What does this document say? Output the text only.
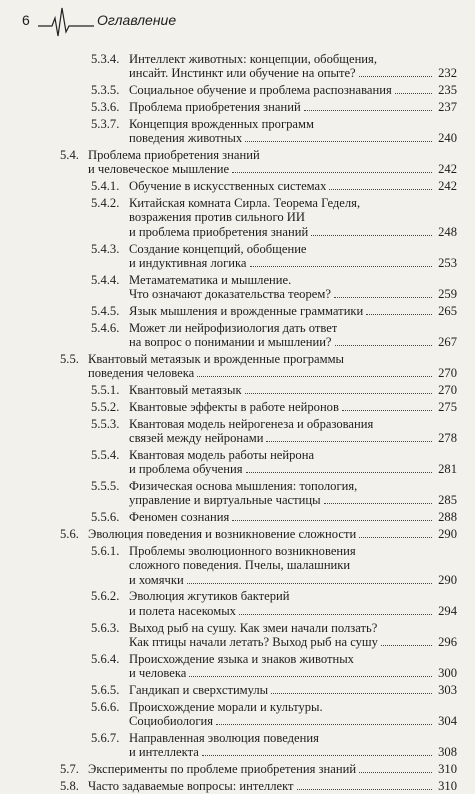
6	Оглавление
5.3.4. Интеллект животных: концепции, обобщения,
инсайт. Инстинкт или обучение на опыте?	232
5.3.5. Социальное обучение и проблема распознавания	235
5.3.6. Проблема приобретения знаний	237
5.3.7. Концепция врожденных программ
поведения животных	240
5.4. Проблема приобретения знаний
и человеческое мышление	242
5.4.1. Обучение в искусственных системах	242
5.4.2. Китайская комната Сирла. Теорема Геделя,
возражения против сильного ИИ
и проблема приобретения знаний	248
5.4.3. Создание концепций, обобщение
и индуктивная логика	253
5.4.4. Метаматематика и мышление.
Что означают доказательства теорем?	259
5.4.5. Язык мышления и врожденные грамматики	265
5.4.6. Может ли нейрофизиология дать ответ
на вопрос о понимании и мышлении?	267
5.5. Квантовый метаязык и врожденные программы
поведения человека	270
5.5.1. Квантовый метаязык	270
5.5.2. Квантовые эффекты в работе нейронов	275
5.5.3. Квантовая модель нейрогенеза и образования
связей между нейронами	278
5.5.4. Квантовая модель работы нейрона
и проблема обучения	281
5.5.5. Физическая основа мышления: топология,
управление и виртуальные частицы	285
5.5.6. Феномен сознания	288
5.6. Эволюция поведения и возникновение сложности	290
5.6.1. Проблемы эволюционного возникновения
сложного поведения. Пчелы, шалашники
и хомячки	290
5.6.2. Эволюция жгутиков бактерий
и полета насекомых	294
5.6.3. Выход рыб на сушу. Как змеи начали ползать?
Как птицы начали летать? Выход рыб на сушу	296
5.6.4. Происхождение языка и знаков животных
и человека	300
5.6.5. Гандикап и сверхстимулы	303
5.6.6. Происхождение морали и культуры.
Социобиология	304
5.6.7. Направленная эволюция поведения
и интеллекта	308
5.7. Эксперименты по проблеме приобретения знаний	310
5.8. Часто задаваемые вопросы: интеллект	310
